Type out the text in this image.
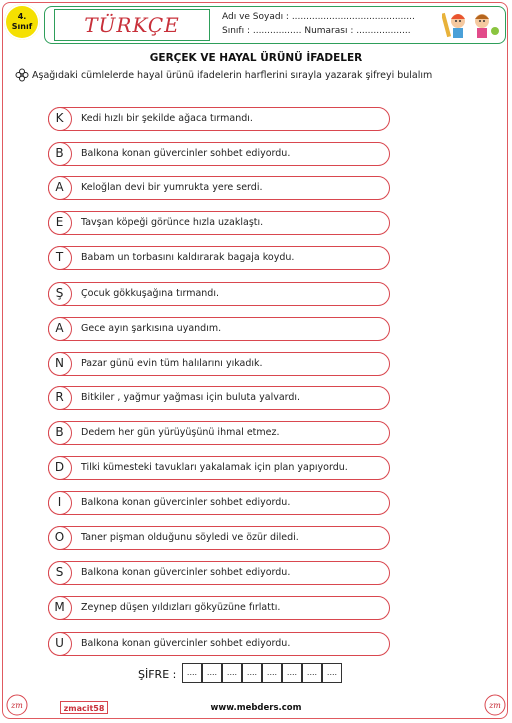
4.
Sınıf	TÜRKÇE	Adı ve Soyadı : ...........................................
Sınıfı : ................. Numarası : ...................
GERÇEK VE HAYAL ÜRÜNÜ İFADELER
Aşağıdaki cümlelerde hayal ürünü ifadelerin harflerini sırayla yazarak şifreyi bulalım
K	Kedi hızlı bir şekilde ağaca tırmandı.
B	Balkona konan güvercinler sohbet ediyordu.
A	Keloğlan devi bir yumrukta yere serdi.
E	Tavşan köpeği görünce hızla uzaklaştı.
T	Babam un torbasını kaldırarak bagaja koydu.
Ş	Çocuk gökkuşağına tırmandı.
A	Gece ayın şarkısına uyandım.
N	Pazar günü evin tüm halılarını yıkadık.
R	Bitkiler , yağmur yağması için buluta yalvardı.
B	Dedem her gün yürüyüşünü ihmal etmez.
D	Tilki kümesteki tavukları yakalamak için plan yapıyordu.
I	Balkona konan güvercinler sohbet ediyordu.
O	Taner pişman olduğunu söyledi ve özür diledi.
S	Balkona konan güvercinler sohbet ediyordu.
M	Zeynep düşen yıldızları gökyüzüne fırlattı.
U	Balkona konan güvercinler sohbet ediyordu.
ŞİFRE :	....	....	....	....	....	....	....	....
zm	zmacit58	www.mebders.com	zm
